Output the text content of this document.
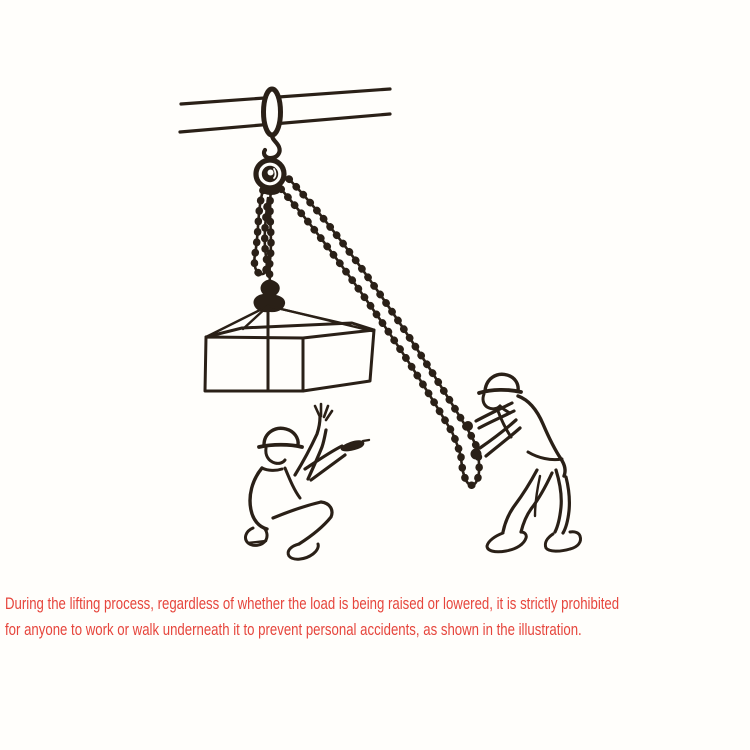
During the lifting process, regardless of whether the load is being raised or lowered, it is strictly prohibited
for anyone to work or walk underneath it to prevent personal accidents, as shown in the illustration.
